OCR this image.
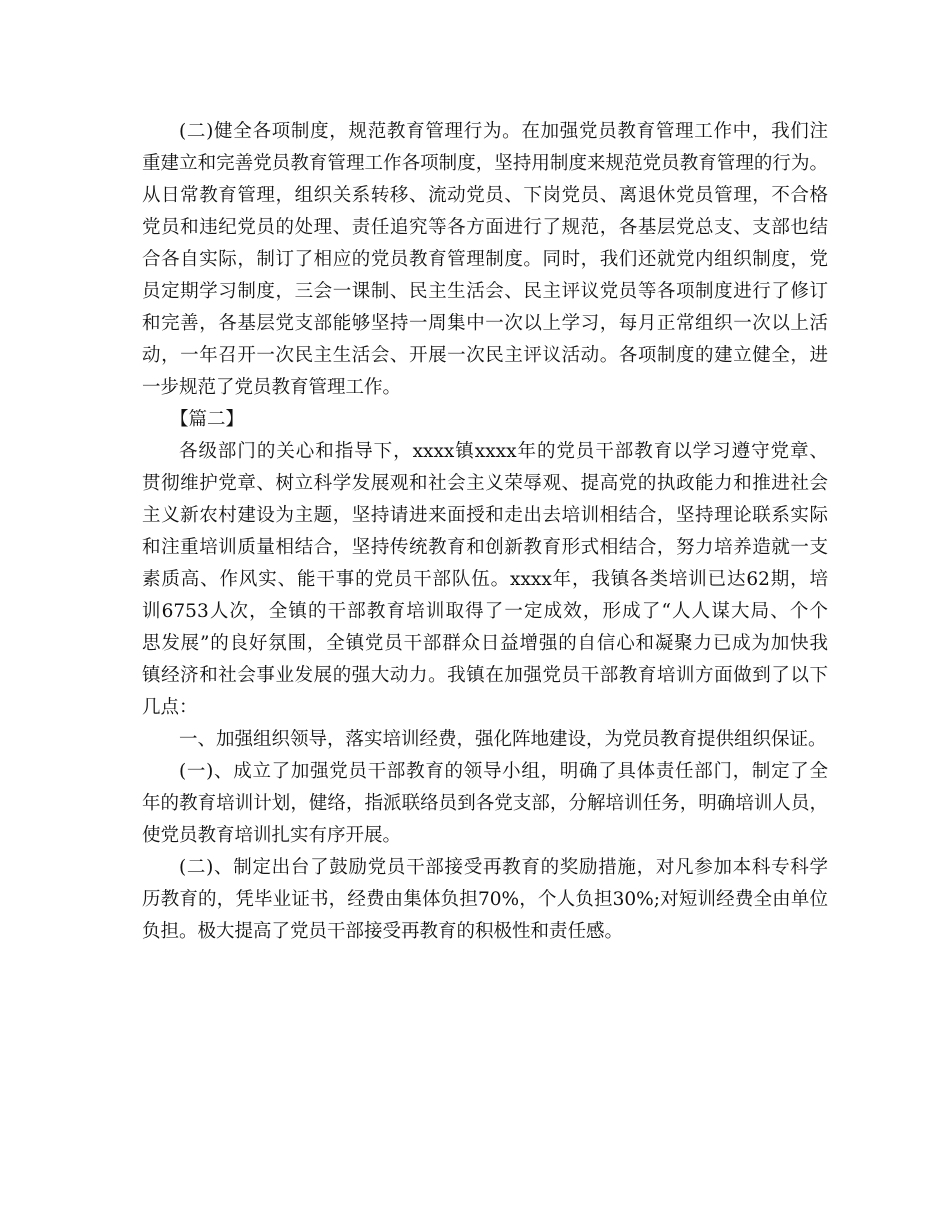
(二)健全各项制度，规范教育管理行为。在加强党员教育管理工作中，我们注
重建立和完善党员教育管理工作各项制度，坚持用制度来规范党员教育管理的行为。
从日常教育管理，组织关系转移、流动党员、下岗党员、离退休党员管理，不合格
党员和违纪党员的处理、责任追究等各方面进行了规范，各基层党总支、支部也结
合各自实际，制订了相应的党员教育管理制度。同时，我们还就党内组织制度，党
员定期学习制度，三会一课制、民主生活会、民主评议党员等各项制度进行了修订
和完善，各基层党支部能够坚持一周集中一次以上学习，每月正常组织一次以上活
动，一年召开一次民主生活会、开展一次民主评议活动。各项制度的建立健全，进
一步规范了党员教育管理工作。
【篇二】
各级部门的关心和指导下，xxxx镇xxxx年的党员干部教育以学习遵守党章、
贯彻维护党章、树立科学发展观和社会主义荣辱观、提高党的执政能力和推进社会
主义新农村建设为主题，坚持请进来面授和走出去培训相结合，坚持理论联系实际
和注重培训质量相结合，坚持传统教育和创新教育形式相结合，努力培养造就一支
素质高、作风实、能干事的党员干部队伍。xxxx年，我镇各类培训已达62期，培
训6753人次，全镇的干部教育培训取得了一定成效，形成了“人人谋大局、个个
思发展”的良好氛围，全镇党员干部群众日益增强的自信心和凝聚力已成为加快我
镇经济和社会事业发展的强大动力。我镇在加强党员干部教育培训方面做到了以下
几点：
一、加强组织领导，落实培训经费，强化阵地建设，为党员教育提供组织保证。
(一)、成立了加强党员干部教育的领导小组，明确了具体责任部门，制定了全
年的教育培训计划，健络，指派联络员到各党支部，分解培训任务，明确培训人员，
使党员教育培训扎实有序开展。
(二)、制定出台了鼓励党员干部接受再教育的奖励措施，对凡参加本科专科学
历教育的，凭毕业证书，经费由集体负担70%，个人负担30%;对短训经费全由单位
负担。极大提高了党员干部接受再教育的积极性和责任感。
